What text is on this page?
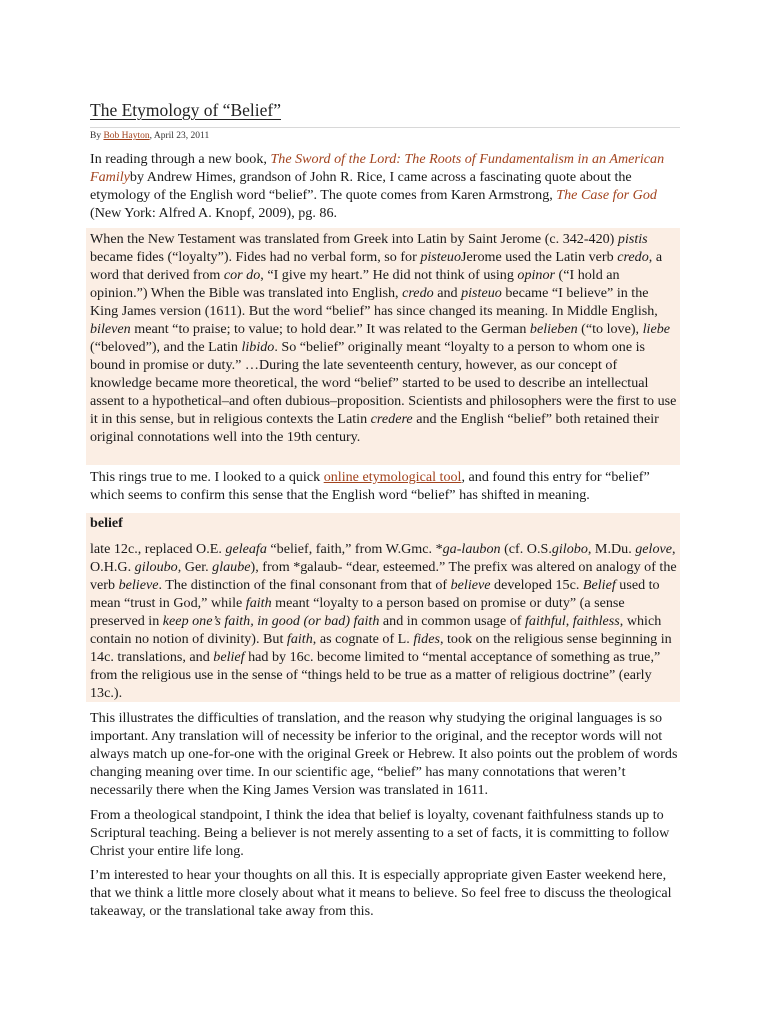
The Etymology of “Belief”
By Bob Hayton, April 23, 2011

In reading through a new book, The Sword of the Lord: The Roots of Fundamentalism in an American Familyby Andrew Himes, grandson of John R. Rice, I came across a fascinating quote about the etymology of the English word “belief”. The quote comes from Karen Armstrong, The Case for God (New York: Alfred A. Knopf, 2009), pg. 86.

When the New Testament was translated from Greek into Latin by Saint Jerome (c. 342-420) pistis became fides (“loyalty”). Fides had no verbal form, so for pisteuoJerome used the Latin verb credo, a word that derived from cor do, “I give my heart.” He did not think of using opinor (“I hold an opinion.”) When the Bible was translated into English, credo and pisteuo became “I believe” in the King James version (1611). But the word “belief” has since changed its meaning. In Middle English, bileven meant “to praise; to value; to hold dear.” It was related to the German belieben (“to love), liebe (“beloved”), and the Latin libido. So “belief” originally meant “loyalty to a person to whom one is bound in promise or duty.” …During the late seventeenth century, however, as our concept of knowledge became more theoretical, the word “belief” started to be used to describe an intellectual assent to a hypothetical–and often dubious–proposition. Scientists and philosophers were the first to use it in this sense, but in religious contexts the Latin credere and the English “belief” both retained their original connotations well into the 19th century.

This rings true to me. I looked to a quick online etymological tool, and found this entry for “belief” which seems to confirm this sense that the English word “belief” has shifted in meaning.

belief

late 12c., replaced O.E. geleafa “belief, faith,” from W.Gmc. *ga-laubon (cf. O.S.gilobo, M.Du. gelove, O.H.G. giloubo, Ger. glaube), from *galaub- “dear, esteemed.” The prefix was altered on analogy of the verb believe. The distinction of the final consonant from that of believe developed 15c. Belief used to mean “trust in God,” while faith meant “loyalty to a person based on promise or duty” (a sense preserved in keep one’s faith, in good (or bad) faith and in common usage of faithful, faithless, which contain no notion of divinity). But faith, as cognate of L. fides, took on the religious sense beginning in 14c. translations, and belief had by 16c. become limited to “mental acceptance of something as true,” from the religious use in the sense of “things held to be true as a matter of religious doctrine” (early 13c.).

This illustrates the difficulties of translation, and the reason why studying the original languages is so important. Any translation will of necessity be inferior to the original, and the receptor words will not always match up one-for-one with the original Greek or Hebrew. It also points out the problem of words changing meaning over time. In our scientific age, “belief” has many connotations that weren’t necessarily there when the King James Version was translated in 1611.

From a theological standpoint, I think the idea that belief is loyalty, covenant faithfulness stands up to Scriptural teaching. Being a believer is not merely assenting to a set of facts, it is committing to follow Christ your entire life long.

I’m interested to hear your thoughts on all this. It is especially appropriate given Easter weekend here, that we think a little more closely about what it means to believe. So feel free to discuss the theological takeaway, or the translational take away from this.
